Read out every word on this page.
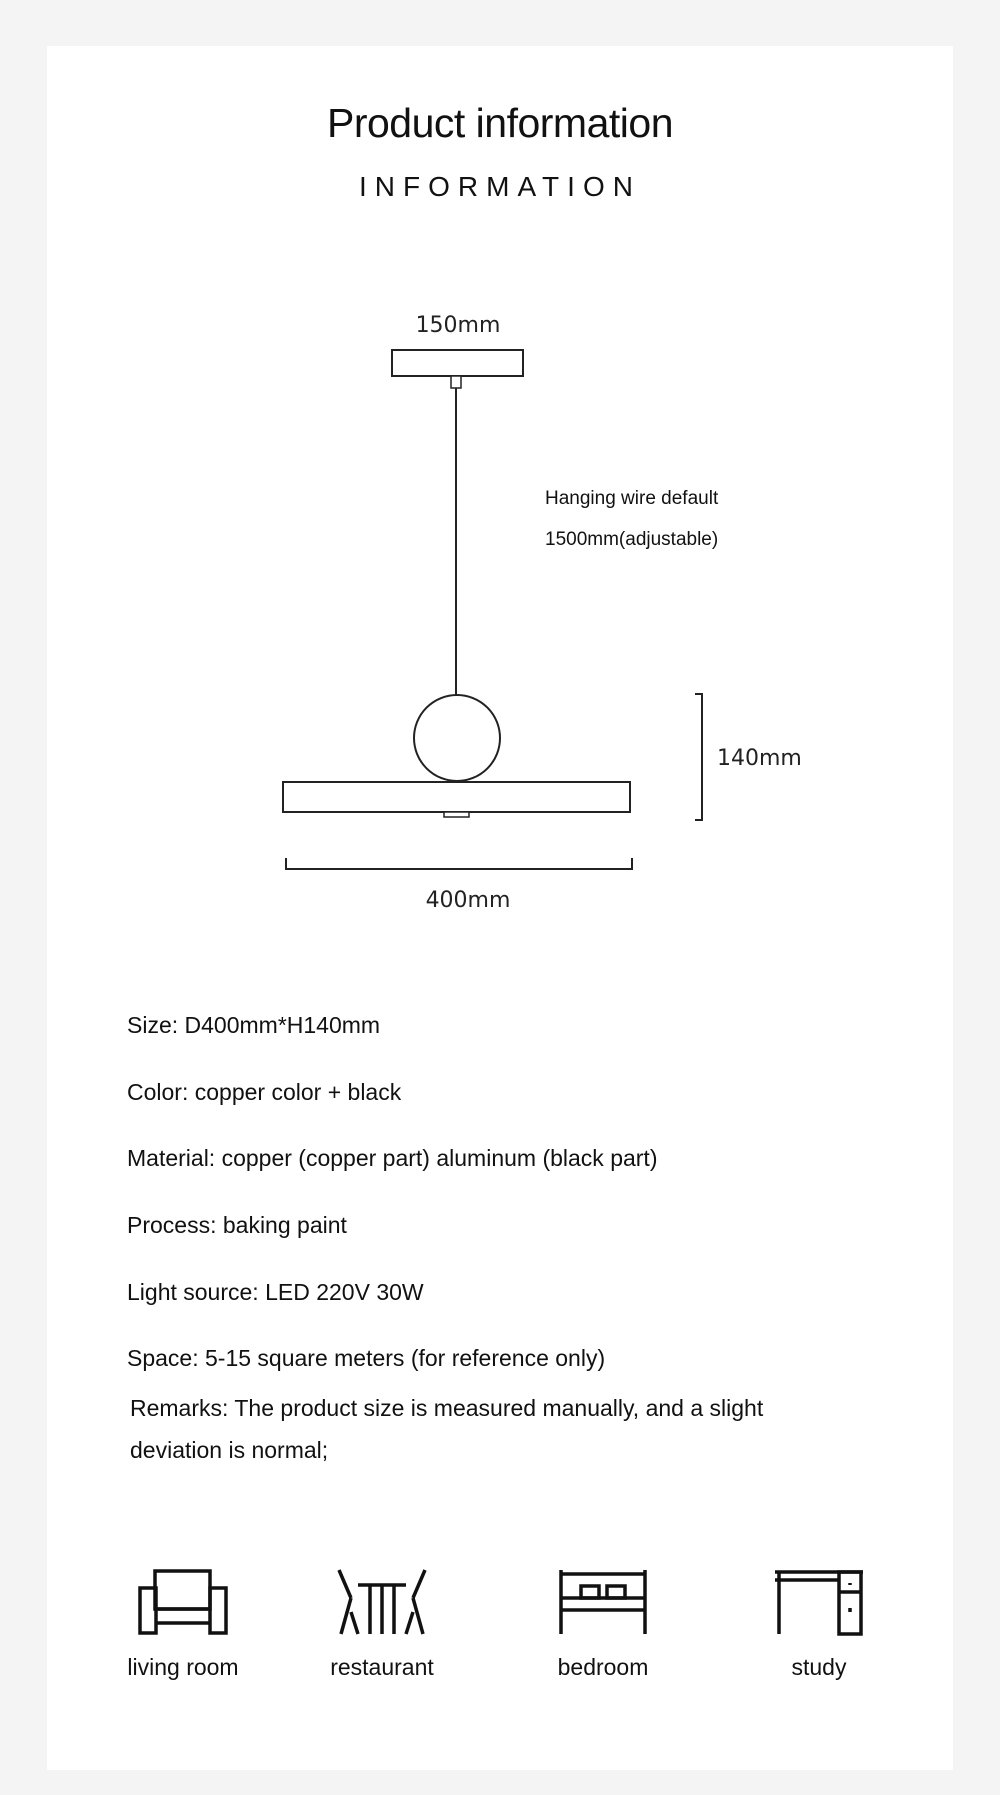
Product information
INFORMATION
150mm
140mm
400mm
Hanging wire default
1500mm(adjustable)
Size: D400mm*H140mm
Color: copper color + black
Material: copper (copper part) aluminum (black part)
Process: baking paint
Light source: LED 220V 30W
Space: 5-15 square meters (for reference only)
Remarks: The product size is measured manually, and a slight
deviation is normal;
living room	restaurant	bedroom	study
